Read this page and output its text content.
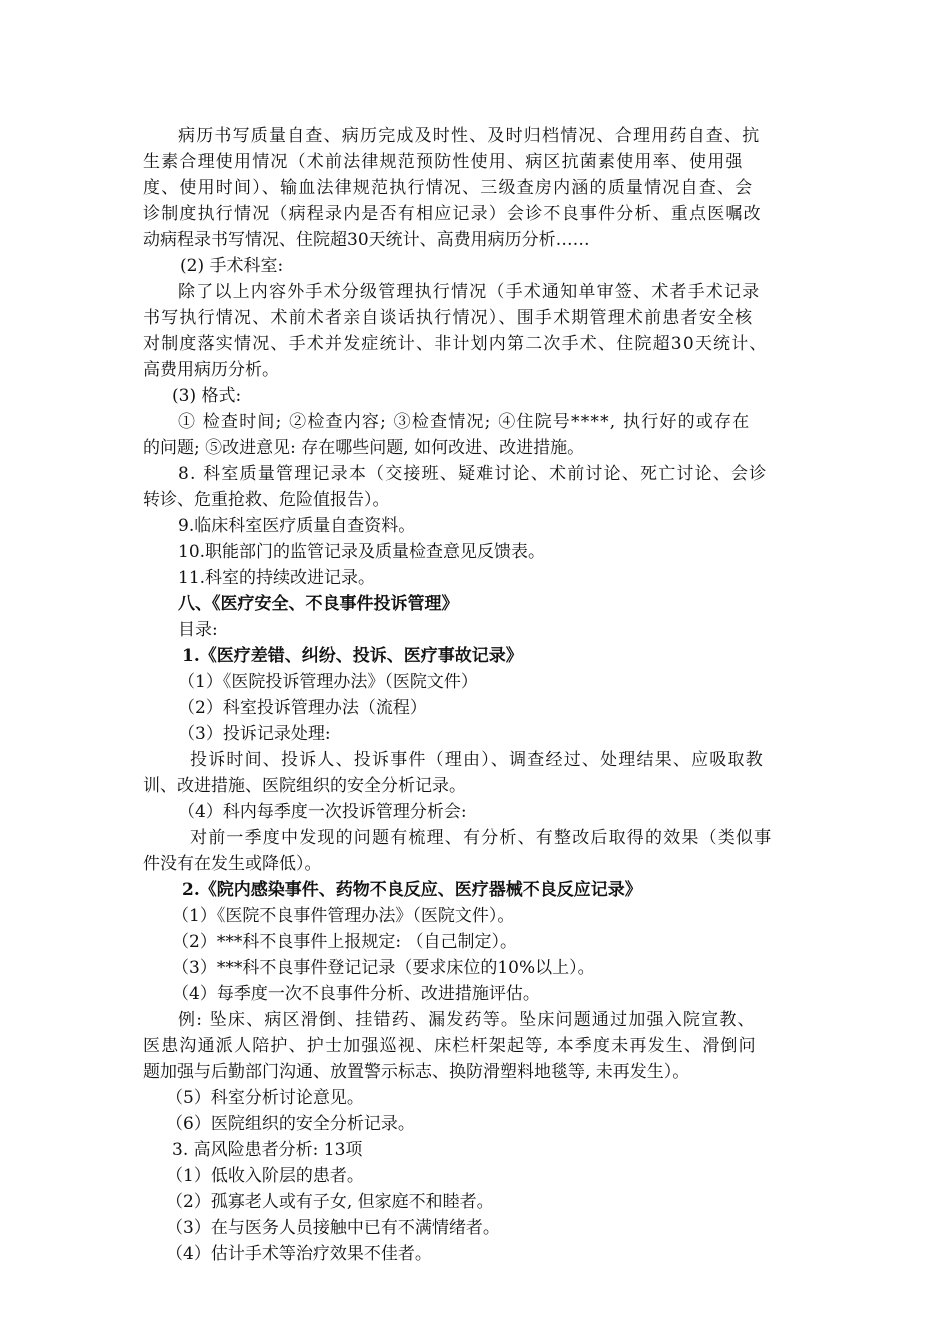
病历书写质量自查、病历完成及时性、及时归档情况、合理用药自查、抗
生素合理使用情况（术前法律规范预防性使用、病区抗菌素使用率、使用强
度、使用时间）、输血法律规范执行情况、三级查房内涵的质量情况自查、会
诊制度执行情况（病程录内是否有相应记录）会诊不良事件分析、重点医嘱改
动病程录书写情况、住院超30天统计、高费用病历分析……
(2) 手术科室:
除了以上内容外手术分级管理执行情况（手术通知单审签、术者手术记录
书写执行情况、术前术者亲自谈话执行情况）、围手术期管理术前患者安全核
对制度落实情况、手术并发症统计、非计划内第二次手术、住院超30天统计、
高费用病历分析。
(3) 格式:
① 检查时间; ②检查内容; ③检查情况; ④住院号****, 执行好的或存在
的问题; ⑤改进意见: 存在哪些问题, 如何改进、改进措施。
8. 科室质量管理记录本（交接班、疑难讨论、术前讨论、死亡讨论、会诊
转诊、危重抢救、危险值报告）。
9.临床科室医疗质量自查资料。
10.职能部门的监管记录及质量检查意见反馈表。
11.科室的持续改进记录。
八、《医疗安全、不良事件投诉管理》
目录:
1.《医疗差错、纠纷、投诉、医疗事故记录》
（1）《医院投诉管理办法》（医院文件）
（2）科室投诉管理办法（流程）
（3）投诉记录处理:
投诉时间、投诉人、投诉事件（理由）、调查经过、处理结果、应吸取教
训、改进措施、医院组织的安全分析记录。
（4）科内每季度一次投诉管理分析会:
对前一季度中发现的问题有梳理、有分析、有整改后取得的效果（类似事
件没有在发生或降低）。
2.《院内感染事件、药物不良反应、医疗器械不良反应记录》
（1）《医院不良事件管理办法》（医院文件）。
（2）***科不良事件上报规定: （自己制定）。
（3）***科不良事件登记记录（要求床位的10%以上）。
（4）每季度一次不良事件分析、改进措施评估。
例: 坠床、病区滑倒、挂错药、漏发药等。坠床问题通过加强入院宣教、
医患沟通派人陪护、护士加强巡视、床栏杆架起等, 本季度未再发生、滑倒问
题加强与后勤部门沟通、放置警示标志、换防滑塑料地毯等, 未再发生）。
（5）科室分析讨论意见。
（6）医院组织的安全分析记录。
3. 高风险患者分析: 13项
（1）低收入阶层的患者。
（2）孤寡老人或有子女, 但家庭不和睦者。
（3）在与医务人员接触中已有不满情绪者。
（4）估计手术等治疗效果不佳者。
